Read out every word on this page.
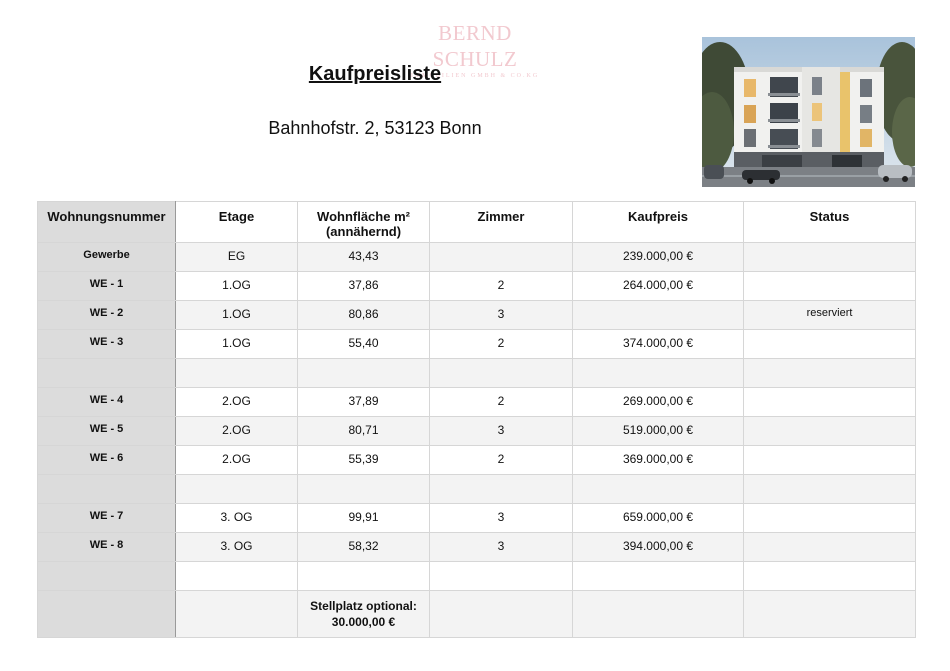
BERND SCHULZ
IMMOBILIEN GMBH & CO.KG
Kaufpreisliste
Bahnhofstr. 2, 53123 Bonn
Wohnungsnummer	Etage	Wohnfläche m²
(annähernd)	Zimmer	Kaufpreis	Status
Gewerbe	EG	43,43		239.000,00 €	
WE - 1	1.OG	37,86	2	264.000,00 €	
WE - 2	1.OG	80,86	3		reserviert
WE - 3	1.OG	55,40	2	374.000,00 €	

WE - 4	2.OG	37,89	2	269.000,00 €	
WE - 5	2.OG	80,71	3	519.000,00 €	
WE - 6	2.OG	55,39	2	369.000,00 €	

WE - 7	3. OG	99,91	3	659.000,00 €	
WE - 8	3. OG	58,32	3	394.000,00 €	

		Stellplatz optional:
30.000,00 €			
